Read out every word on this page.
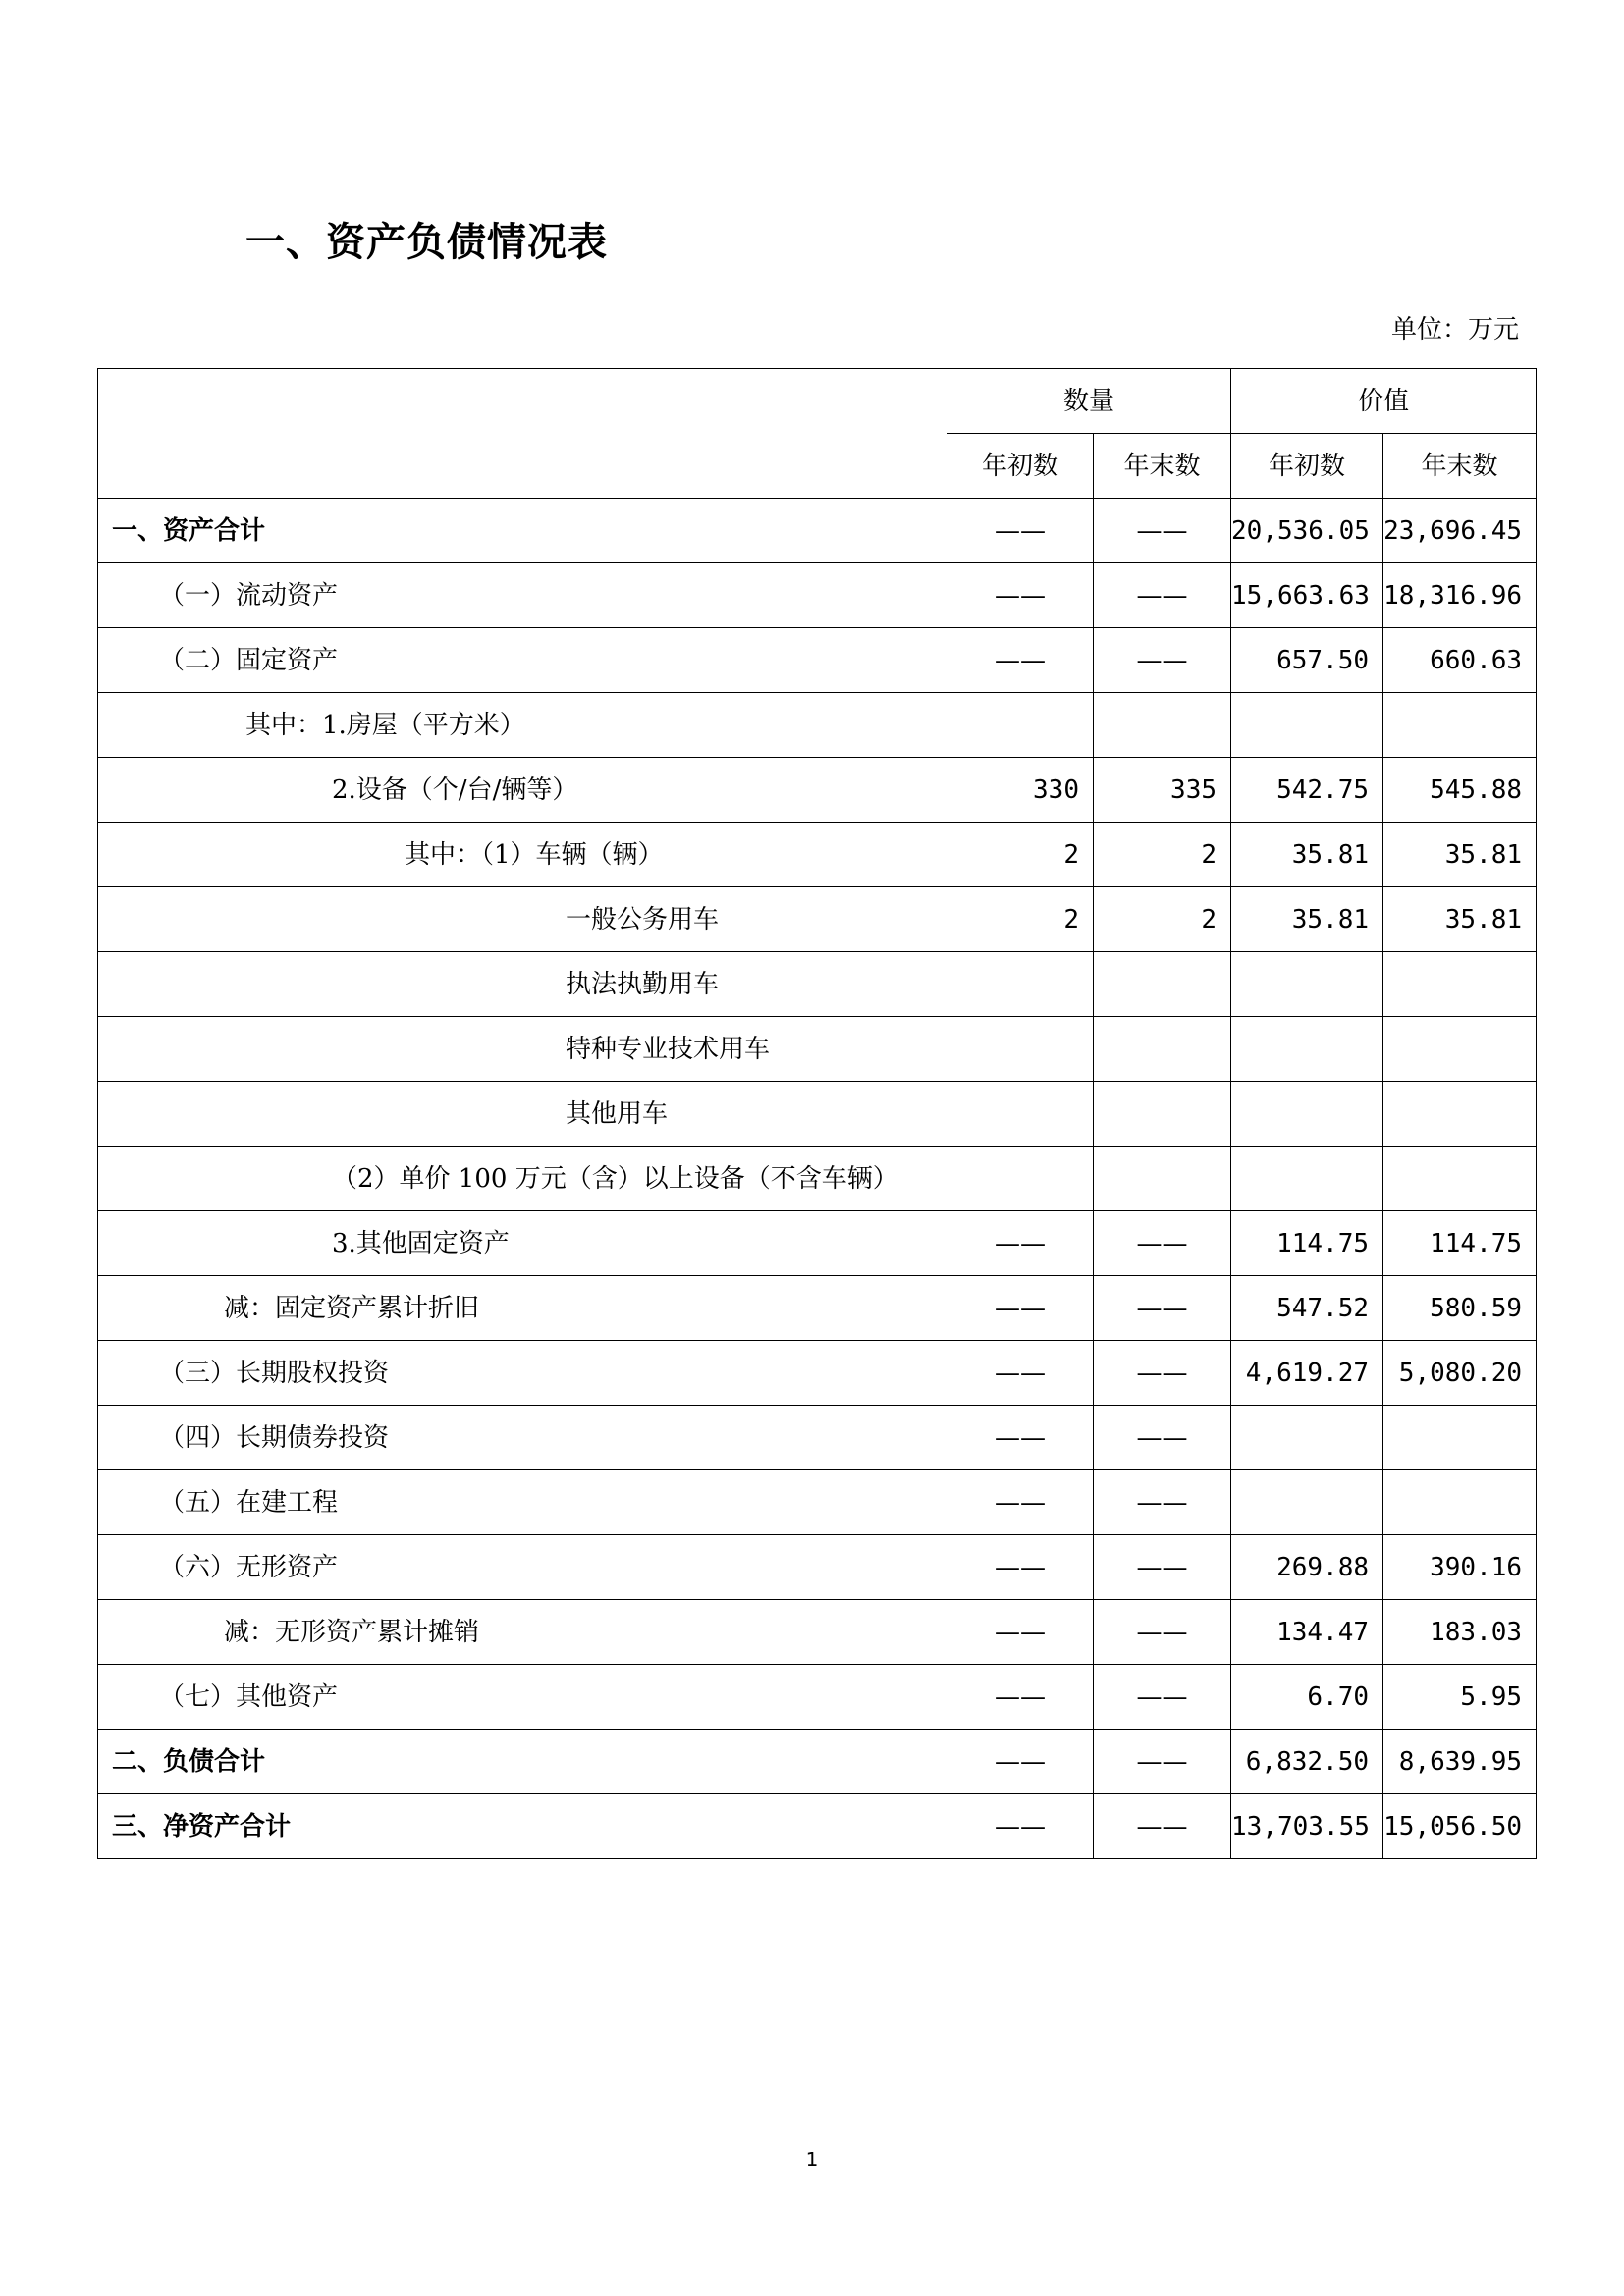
一、资产负债情况表
单位：万元
	数量		价值	
	年初数	年末数	年初数	年末数
一、资产合计	——	——	20,536.05	23,696.45
（一）流动资产	——	——	15,663.63	18,316.96
（二）固定资产	——	——	657.50	660.63
其中：1.房屋（平方米）				
2.设备（个/台/辆等）	330	335	542.75	545.88
其中：（1）车辆（辆）	2	2	35.81	35.81
一般公务用车	2	2	35.81	35.81
执法执勤用车				
特种专业技术用车				
其他用车				
（2）单价 100 万元（含）以上设备（不含车辆）				
3.其他固定资产	——	——	114.75	114.75
减：固定资产累计折旧	——	——	547.52	580.59
（三）长期股权投资	——	——	4,619.27	5,080.20
（四）长期债券投资	——	——		
（五）在建工程	——	——		
（六）无形资产	——	——	269.88	390.16
减：无形资产累计摊销	——	——	134.47	183.03
（七）其他资产	——	——	6.70	5.95
二、负债合计	——	——	6,832.50	8,639.95
三、净资产合计	——	——	13,703.55	15,056.50
1
